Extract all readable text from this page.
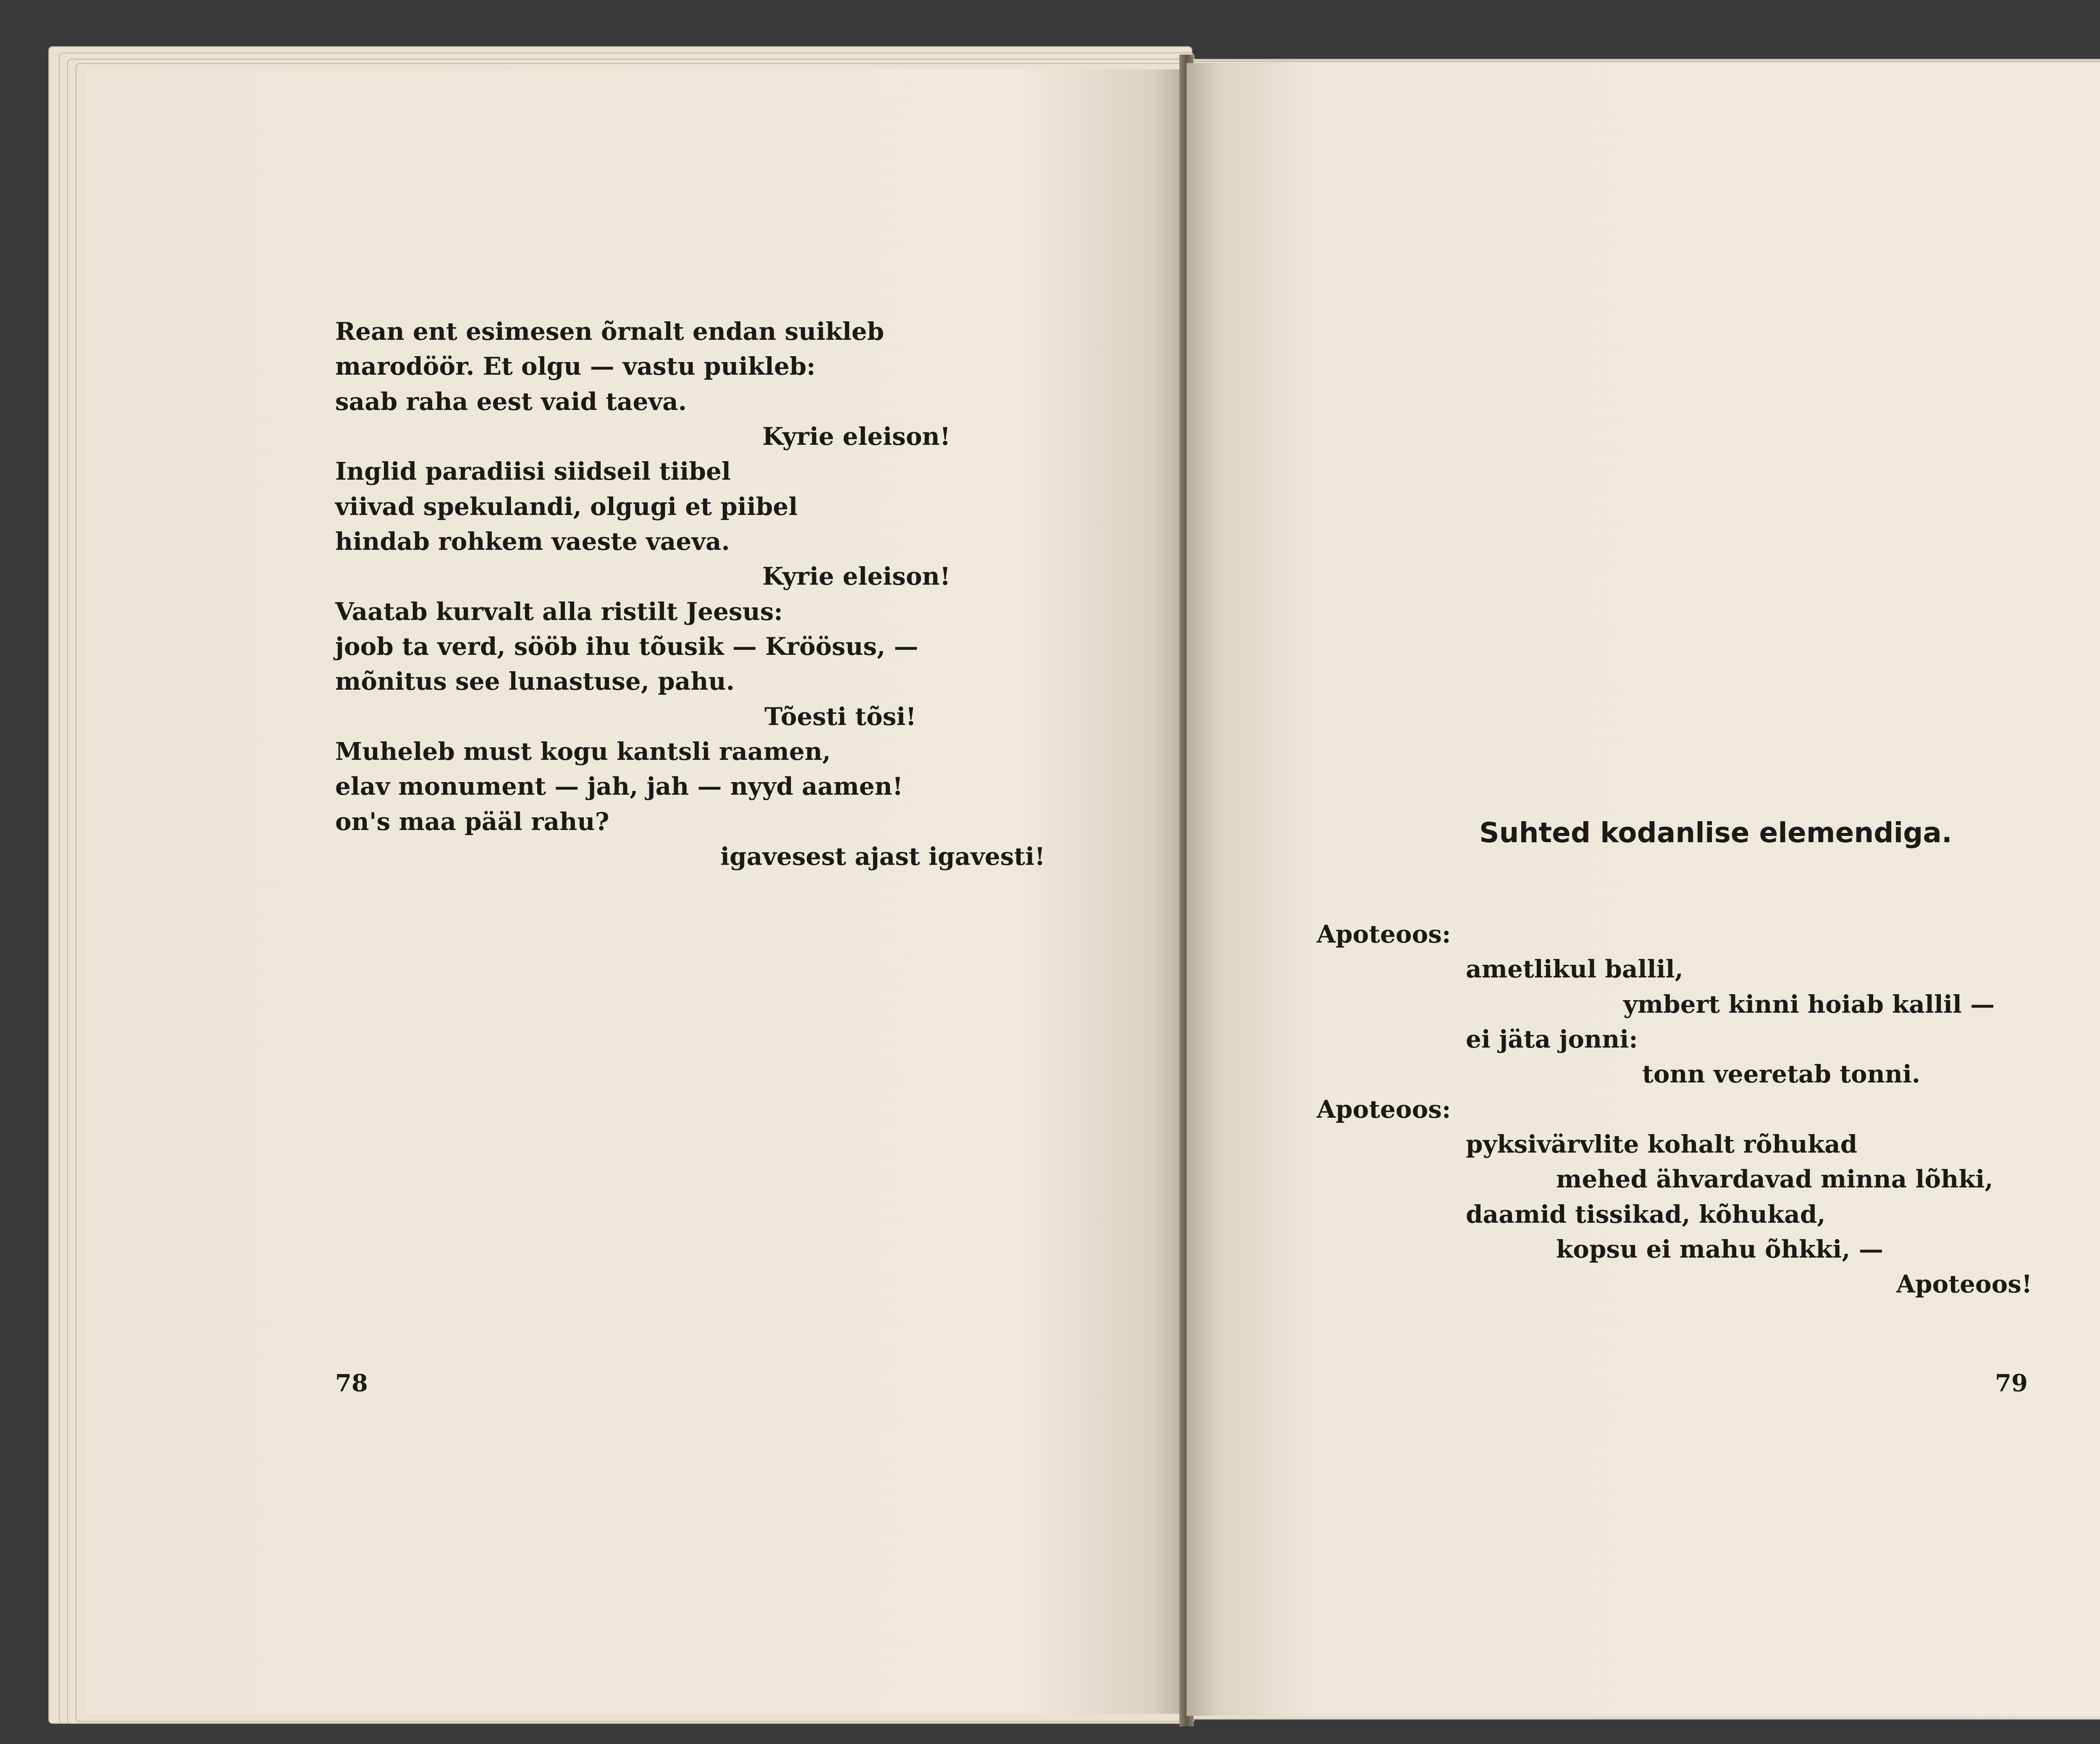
Rean ent esimesen õrnalt endan suikleb

marodöör. Et olgu — vastu puikleb:

saab raha eest vaid taeva.

Kyrie eleison!

Inglid paradiisi siidseil tiibel

viivad spekulandi, olgugi et piibel

hindab rohkem vaeste vaeva.

Kyrie eleison!

Vaatab kurvalt alla ristilt Jeesus:

joob ta verd, sööb ihu tõusik — Kröösus, —

mõnitus see lunastuse, pahu.

Tõesti tõsi!

Muheleb must kogu kantsli raamen,

elav monument — jah, jah — nyyd aamen!

on's maa pääl rahu?

igavesest ajast igavesti!

78

Suhted kodanlise elemendiga.

Apoteoos:

ametlikul ballil,

ymbert kinni hoiab kallil —

ei jäta jonni:

tonn veeretab tonni.

Apoteoos:

pyksivärvlite kohalt rõhukad

mehed ähvardavad minna lõhki,

daamid tissikad, kõhukad,

kopsu ei mahu õhkki, —

Apoteoos!

79
